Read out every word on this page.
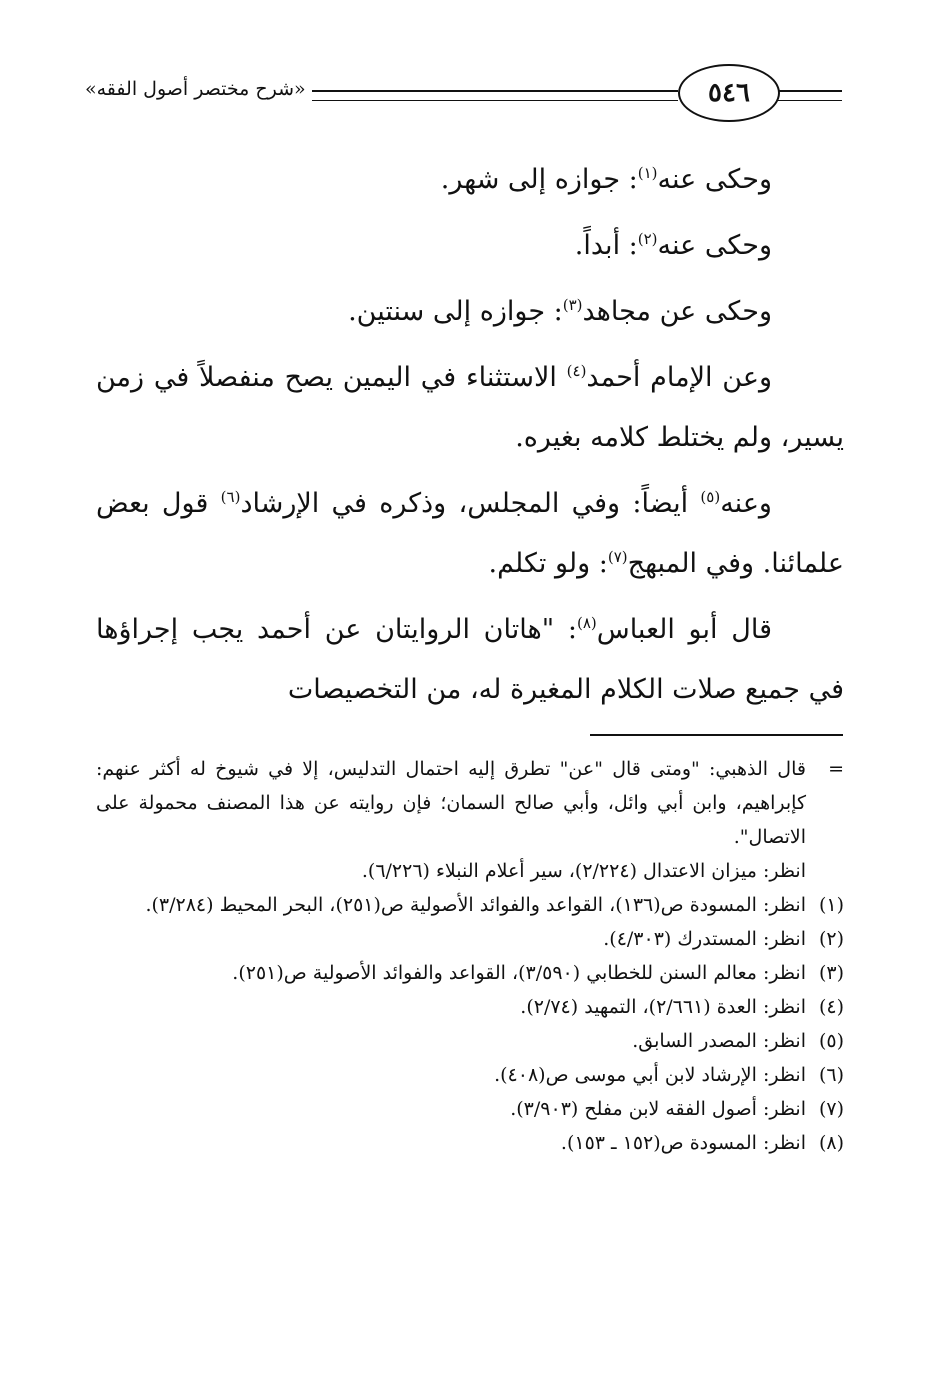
«شرح مختصر أصول الفقه»	٥٤٦

وحكى عنه$^{(١)}$: جوازه إلى شهر.

وحكى عنه$^{(٢)}$: أبداً.

وحكى عن مجاهد$^{(٣)}$: جوازه إلى سنتين.

وعن الإمام أحمد$^{(٤)}$ الاستثناء في اليمين يصح منفصلاً في زمن يسير، ولم يختلط كلامه بغيره.

وعنه$^{(٥)}$ أيضاً: وفي المجلس، وذكره في الإرشاد$^{(٦)}$ قول بعض علمائنا. وفي المبهج$^{(٧)}$: ولو تكلم.

قال أبو العباس$^{(٨)}$: "هاتان الروايتان عن أحمد يجب إجراؤها في جميع صلات الكلام المغيرة له، من التخصيصات

=
قال الذهبي: "ومتى قال "عن" تطرق إليه احتمال التدليس، إلا في شيوخ له أكثر عنهم: كإبراهيم، وابن أبي وائل، وأبي صالح السمان؛ فإن روايته عن هذا المصنف محمولة على الاتصال".
انظر: ميزان الاعتدال (٢/٢٢٤)، سير أعلام النبلاء (٦/٢٢٦).
(١)
انظر: المسودة ص(١٣٦)، القواعد والفوائد الأصولية ص(٢٥١)، البحر المحيط (٣/٢٨٤).
(٢)
انظر: المستدرك (٤/٣٠٣).
(٣)
انظر: معالم السنن للخطابي (٣/٥٩٠)، القواعد والفوائد الأصولية ص(٢٥١).
(٤)
انظر: العدة (٢/٦٦١)، التمهيد (٢/٧٤).
(٥)
انظر: المصدر السابق.
(٦)
انظر: الإرشاد لابن أبي موسى ص(٤٠٨).
(٧)
انظر: أصول الفقه لابن مفلح (٣/٩٠٣).
(٨)
انظر: المسودة ص(١٥٢ ـ ١٥٣).
